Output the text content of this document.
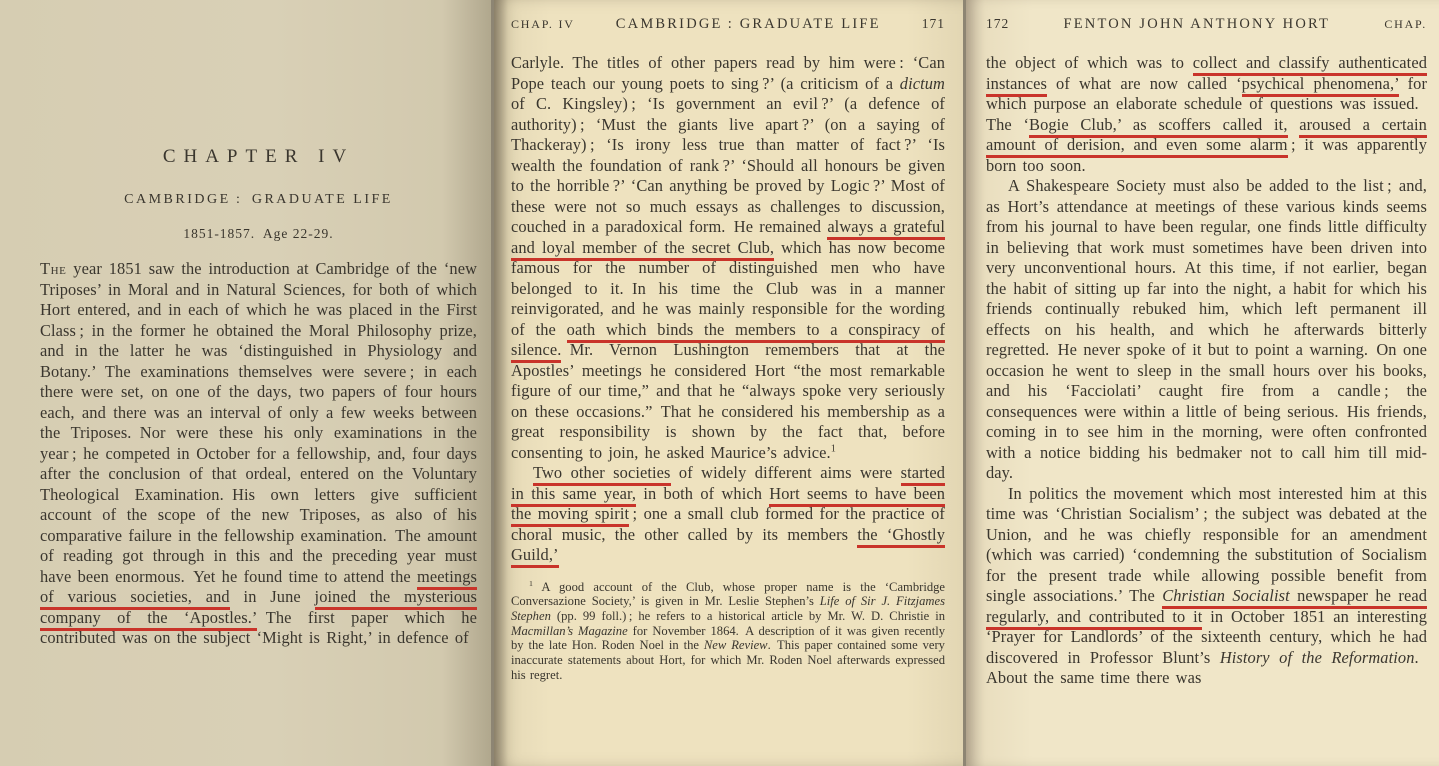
CHAPTER IV
CAMBRIDGE : GRADUATE LIFE
1851-1857. Age 22-29.

The year 1851 saw the introduction at Cambridge of the ‘new Triposes’ in Moral and in Natural Sciences, for both of which Hort entered, and in each of which he was placed in the First Class ; in the former he obtained the Moral Philosophy prize, and in the latter he was ‘distinguished in Physiology and Botany.’ The examinations themselves were severe ; in each there were set, on one of the days, two papers of four hours each, and there was an interval of only a few weeks between the Triposes. Nor were these his only examinations in the year ; he competed in October for a fellowship, and, four days after the conclusion of that ordeal, entered on the Voluntary Theological Examination. His own letters give sufficient account of the scope of the new Triposes, as also of his comparative failure in the fellowship examination. The amount of reading got through in this and the preceding year must have been enormous. Yet he found time to attend the meetings of various societies, and in June joined the mysterious company of the ‘Apostles.’ The first paper which he contributed was on the subject ‘Might is Right,’ in defence of

CHAP. IV	CAMBRIDGE : GRADUATE LIFE	171

Carlyle. The titles of other papers read by him were : ‘Can Pope teach our young poets to sing ?’ (a criticism of a dictum of C. Kingsley) ; ‘Is government an evil ?’ (a defence of authority) ; ‘Must the giants live apart ?’ (on a saying of Thackeray) ; ‘Is irony less true than matter of fact ?’ ‘Is wealth the foundation of rank ?’ ‘Should all honours be given to the horrible ?’ ‘Can anything be proved by Logic ?’ Most of these were not so much essays as challenges to discussion, couched in a paradoxical form. He remained always a grateful and loyal member of the secret Club, which has now become famous for the number of distinguished men who have belonged to it. In his time the Club was in a manner reinvigorated, and he was mainly responsible for the wording of the oath which binds the members to a conspiracy of silence. Mr. Vernon Lushington remembers that at the Apostles’ meetings he considered Hort “the most remarkable figure of our time,” and that he “always spoke very seriously on these occasions.” That he considered his membership as a great responsibility is shown by the fact that, before consenting to join, he asked Maurice’s advice.$^1$

Two other societies of widely different aims were started in this same year, in both of which Hort seems to have been the moving spirit ; one a small club formed for the practice of choral music, the other called by its members the ‘Ghostly Guild,’

$^1$ A good account of the Club, whose proper name is the ‘Cambridge Conversazione Society,’ is given in Mr. Leslie Stephen’s Life of Sir J. Fitzjames Stephen (pp. 99 foll.) ; he refers to a historical article by Mr. W. D. Christie in Macmillan’s Magazine for November 1864. A description of it was given recently by the late Hon. Roden Noel in the New Review. This paper contained some very inaccurate statements about Hort, for which Mr. Roden Noel afterwards expressed his regret.

172	FENTON JOHN ANTHONY HORT	CHAP.

the object of which was to collect and classify authenticated instances of what are now called ‘psychical phenomena,’ for which purpose an elaborate schedule of questions was issued. The ‘Bogie Club,’ as scoffers called it, aroused a certain amount of derision, and even some alarm ; it was apparently born too soon.

A Shakespeare Society must also be added to the list ; and, as Hort’s attendance at meetings of these various kinds seems from his journal to have been regular, one finds little difficulty in believing that work must sometimes have been driven into very unconventional hours. At this time, if not earlier, began the habit of sitting up far into the night, a habit for which his friends continually rebuked him, which left permanent ill effects on his health, and which he afterwards bitterly regretted. He never spoke of it but to point a warning. On one occasion he went to sleep in the small hours over his books, and his ‘Facciolati’ caught fire from a candle ; the consequences were within a little of being serious. His friends, coming in to see him in the morning, were often confronted with a notice bidding his bedmaker not to call him till mid-day.

In politics the movement which most interested him at this time was ‘Christian Socialism’ ; the subject was debated at the Union, and he was chiefly responsible for an amendment (which was carried) ‘condemning the substitution of Socialism for the present trade while allowing possible benefit from single associations.’ The Christian Socialist newspaper he read regularly, and contributed to it in October 1851 an interesting ‘Prayer for Landlords’ of the sixteenth century, which he had discovered in Professor Blunt’s History of the Reformation. About the same time there was
